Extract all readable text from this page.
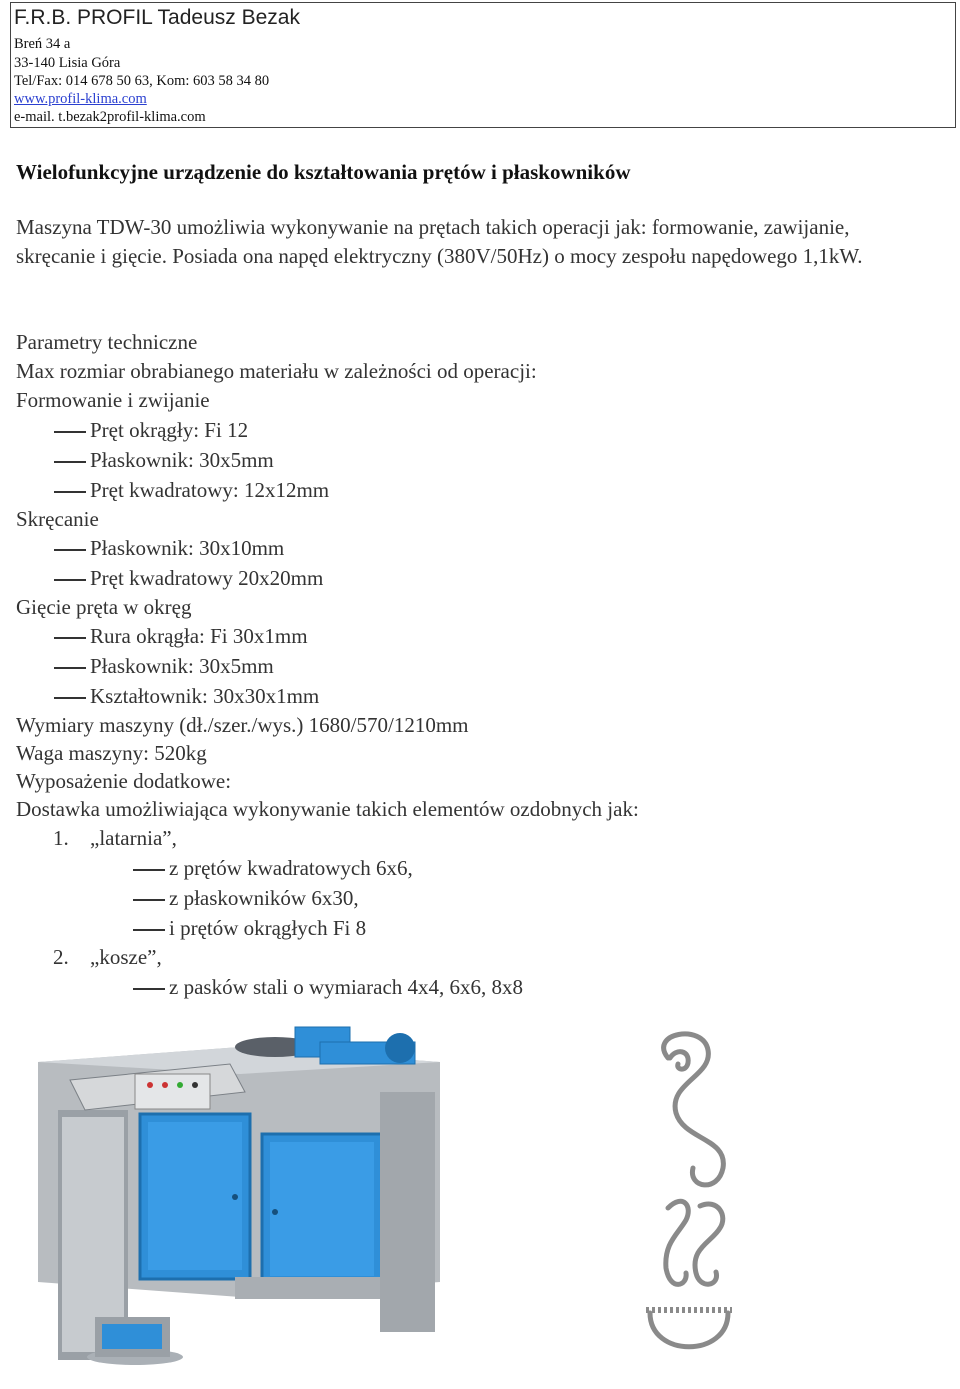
F.R.B. PROFIL Tadeusz Bezak
Breń 34 a
33-140 Lisia Góra
Tel/Fax: 014 678 50 63, Kom: 603 58 34 80
www.profil-klima.com
e-mail. t.bezak2profil-klima.com
Wielofunkcyjne urządzenie do kształtowania prętów i płaskowników
Maszyna TDW-30 umożliwia wykonywanie na prętach takich operacji jak: formowanie, zawijanie, skręcanie i gięcie. Posiada ona napęd elektryczny (380V/50Hz) o mocy zespołu napędowego 1,1kW.
Parametry techniczne
Max rozmiar obrabianego materiału w zależności od operacji:
Formowanie i zwijanie
Pręt okrągły: Fi 12
Płaskownik: 30x5mm
Pręt kwadratowy: 12x12mm
Skręcanie
Płaskownik: 30x10mm
Pręt kwadratowy 20x20mm
Gięcie pręta w okręg
Rura okrągła: Fi 30x1mm
Płaskownik: 30x5mm
Kształtownik: 30x30x1mm
Wymiary maszyny (dł./szer./wys.) 1680/570/1210mm
Waga maszyny: 520kg
Wyposażenie dodatkowe:
Dostawka umożliwiająca wykonywanie takich elementów ozdobnych jak:
1. „latarnia”,
z prętów kwadratowych 6x6,
z płaskowników 6x30,
i prętów okrągłych Fi 8
2. „kosze”,
z pasków stali o wymiarach 4x4, 6x6, 8x8
